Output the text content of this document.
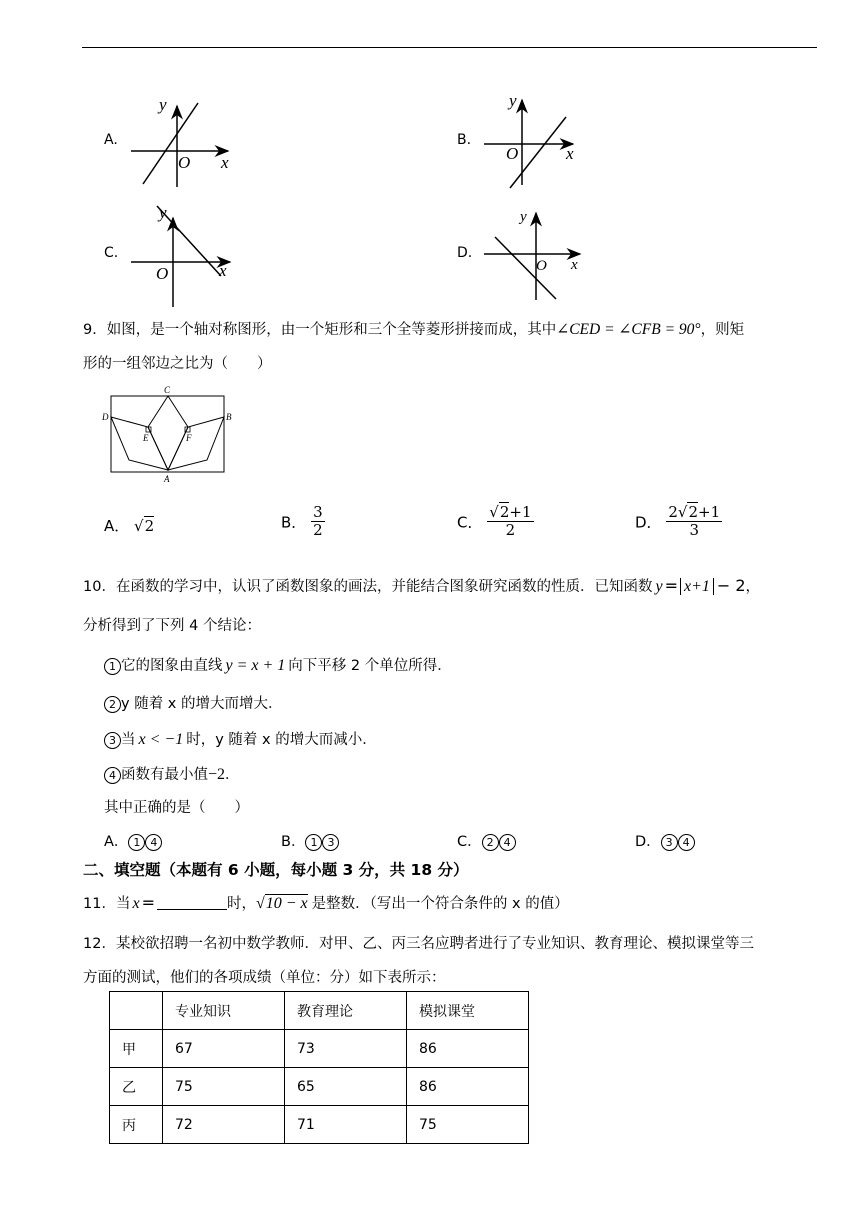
A.
y
O x
B.
y
O	x
C.
y
O	x
D.
y
O x
9．如图，是一个轴对称图形，由一个矩形和三个全等菱形拼接而成，其中∠CED = ∠CFB = 90°，则矩
形的一组邻边之比为（　　）
C
D	B
E	F
A
A． √2	B． $\frac{3}{2}$	C． $\frac{√2+1}{2}$	D． $\frac{2√2+1}{3}$
10．在函数的学习中，认识了函数图象的画法，并能结合图象研究函数的性质．已知函数 y = x+1 − 2，
分析得到了下列 4 个结论：
1 它的图象由直线 y = x + 1 向下平移 2 个单位所得．
2 y 随着 x 的增大而增大．
3 当 x < −1 时，y 随着 x 的增大而减小．
4 函数有最小值−2．
其中正确的是（　　）
A． 1 4	B． 1 3	C． 2 4	D． 3 4
二、填空题（本题有 6 小题，每小题 3 分，共 18 分）
11．当 x =	时，√10 − x 是整数．（写出一个符合条件的 x 的值）
12．某校欲招聘一名初中数学教师．对甲、乙、丙三名应聘者进行了专业知识、教育理论、模拟课堂等三
方面的测试，他们的各项成绩（单位：分）如下表所示：
	专业知识	教育理论	模拟课堂
甲	67	73	86
乙	75	65	86
丙	72	71	75
